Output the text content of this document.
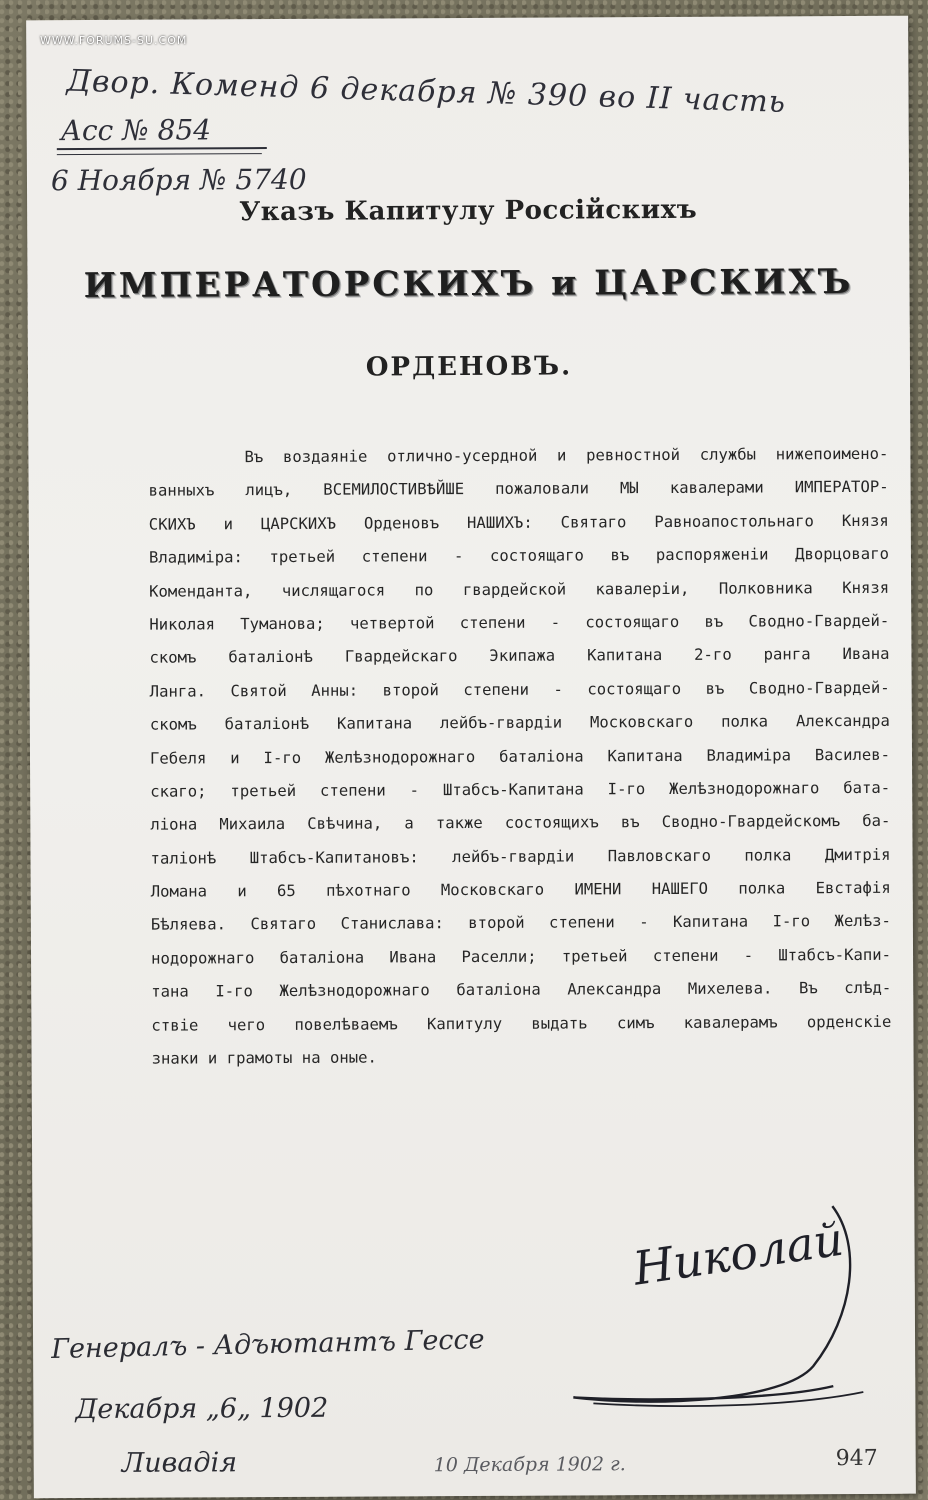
WWW.FORUMS-SU.COM
Двор. Коменд 6 декабря № 390 во II часть
Асс № 854
6 Ноября № 5740
Указъ Капитулу Россійскихъ
ИМПЕРАТОРСКИХЪ и ЦАРСКИХЪ
ОРДЕНОВЪ.
Въ воздаяніе отлично-усердной и ревностной службы нижепоимено-
ванныхъ лицъ, ВСЕМИЛОСТИВѢЙШЕ пожаловали МЫ кавалерами ИМПЕРАТОР-
СКИХЪ и ЦАРСКИХЪ Орденовъ НАШИХЪ: Святаго Равноапостольнаго Князя
Владиміра: третьей степени - состоящаго въ распоряженіи Дворцоваго
Коменданта, числящагося по гвардейской кавалеріи, Полковника Князя
Николая Туманова; четвертой степени - состоящаго въ Сводно-Гвардей-
скомъ баталіонѣ Гвардейскаго Экипажа Капитана 2-го ранга Ивана
Ланга. Святой Анны: второй степени - состоящаго въ Сводно-Гвардей-
скомъ баталіонѣ Капитана лейбъ-гвардіи Московскаго полка Александра
Гебеля и I-го Желѣзнодорожнаго баталіона Капитана Владиміра Василев-
скаго; третьей степени - Штабсъ-Капитана I-го Желѣзнодорожнаго бата-
ліона Михаила Свѣчина, а также состоящихъ въ Сводно-Гвардейскомъ ба-
таліонѣ Штабсъ-Капитановъ: лейбъ-гвардіи Павловскаго полка Дмитрія
Ломана и 65 пѣхотнаго Московскаго ИМЕНИ НАШЕГО полка Евстафія
Бѣляева. Святаго Станислава: второй степени - Капитана I-го Желѣз-
нодорожнаго баталіона Ивана Раселли; третьей степени - Штабсъ-Капи-
тана I-го Желѣзнодорожнаго баталіона Александра Михелева. Въ слѣд-
ствіе чего повелѣваемъ Капитулу выдать симъ кавалерамъ орденскіе
знаки и грамоты на оные.
Николай
Генералъ - Адъютантъ Гессе
Декабря „6„ 1902
Ливадія	10 Декабря 1902 г.	947
